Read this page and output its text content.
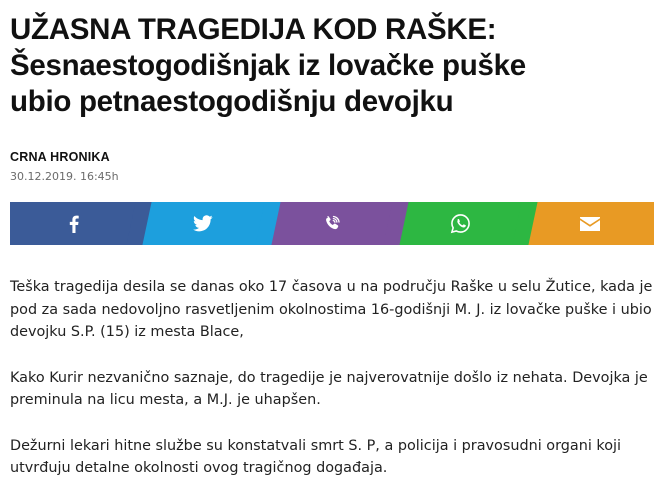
UŽASNA TRAGEDIJA KOD RAŠKE:
Šesnaestogodišnjak iz lovačke puške
ubio petnaestogodišnju devojku
CRNA HRONIKA
30.12.2019. 16:45h

Teška tragedija desila se danas oko 17 časova u na području Raške u selu Žutice, kada je pod za sada nedovoljno rasvetljenim okolnostima 16-godišnji M. J. iz lovačke puške i ubio devojku S.P. (15) iz mesta Blace,

Kako Kurir nezvanično saznaje, do tragedije je najverovatnije došlo iz nehata. Devojka je preminula na licu mesta, a M.J. je uhapšen.

Dežurni lekari hitne službe su konstatvali smrt S. P, a policija i pravosudni organi koji utvrđuju detalne okolnosti ovog tragičnog događaja.
